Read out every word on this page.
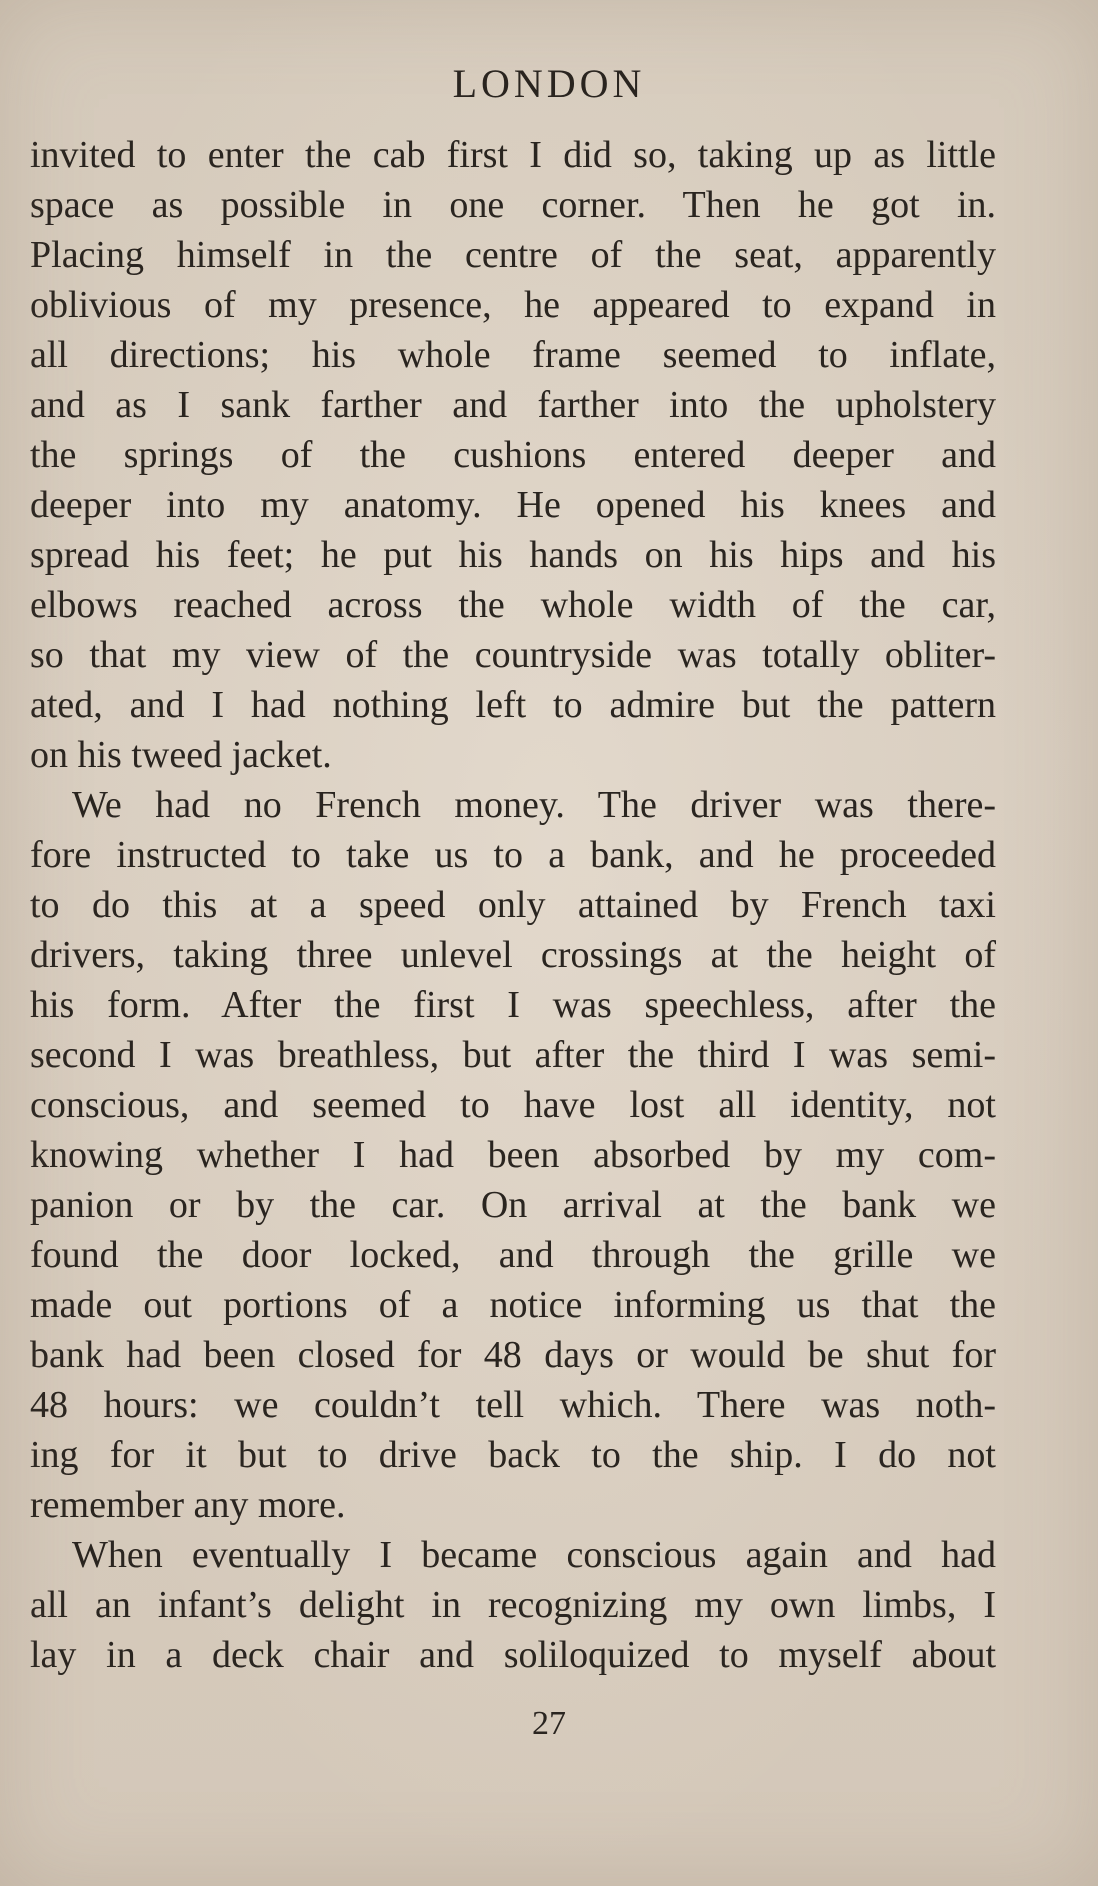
LONDON
invited to enter the cab first I did so, taking up as little
space as possible in one corner. Then he got in.
Placing himself in the centre of the seat, apparently
oblivious of my presence, he appeared to expand in
all directions; his whole frame seemed to inflate,
and as I sank farther and farther into the upholstery
the springs of the cushions entered deeper and
deeper into my anatomy. He opened his knees and
spread his feet; he put his hands on his hips and his
elbows reached across the whole width of the car,
so that my view of the countryside was totally obliter-
ated, and I had nothing left to admire but the pattern
on his tweed jacket.
We had no French money. The driver was there-
fore instructed to take us to a bank, and he proceeded
to do this at a speed only attained by French taxi
drivers, taking three unlevel crossings at the height of
his form. After the first I was speechless, after the
second I was breathless, but after the third I was semi-
conscious, and seemed to have lost all identity, not
knowing whether I had been absorbed by my com-
panion or by the car. On arrival at the bank we
found the door locked, and through the grille we
made out portions of a notice informing us that the
bank had been closed for 48 days or would be shut for
48 hours: we couldn’t tell which. There was noth-
ing for it but to drive back to the ship. I do not
remember any more.
When eventually I became conscious again and had
all an infant’s delight in recognizing my own limbs, I
lay in a deck chair and soliloquized to myself about
27
